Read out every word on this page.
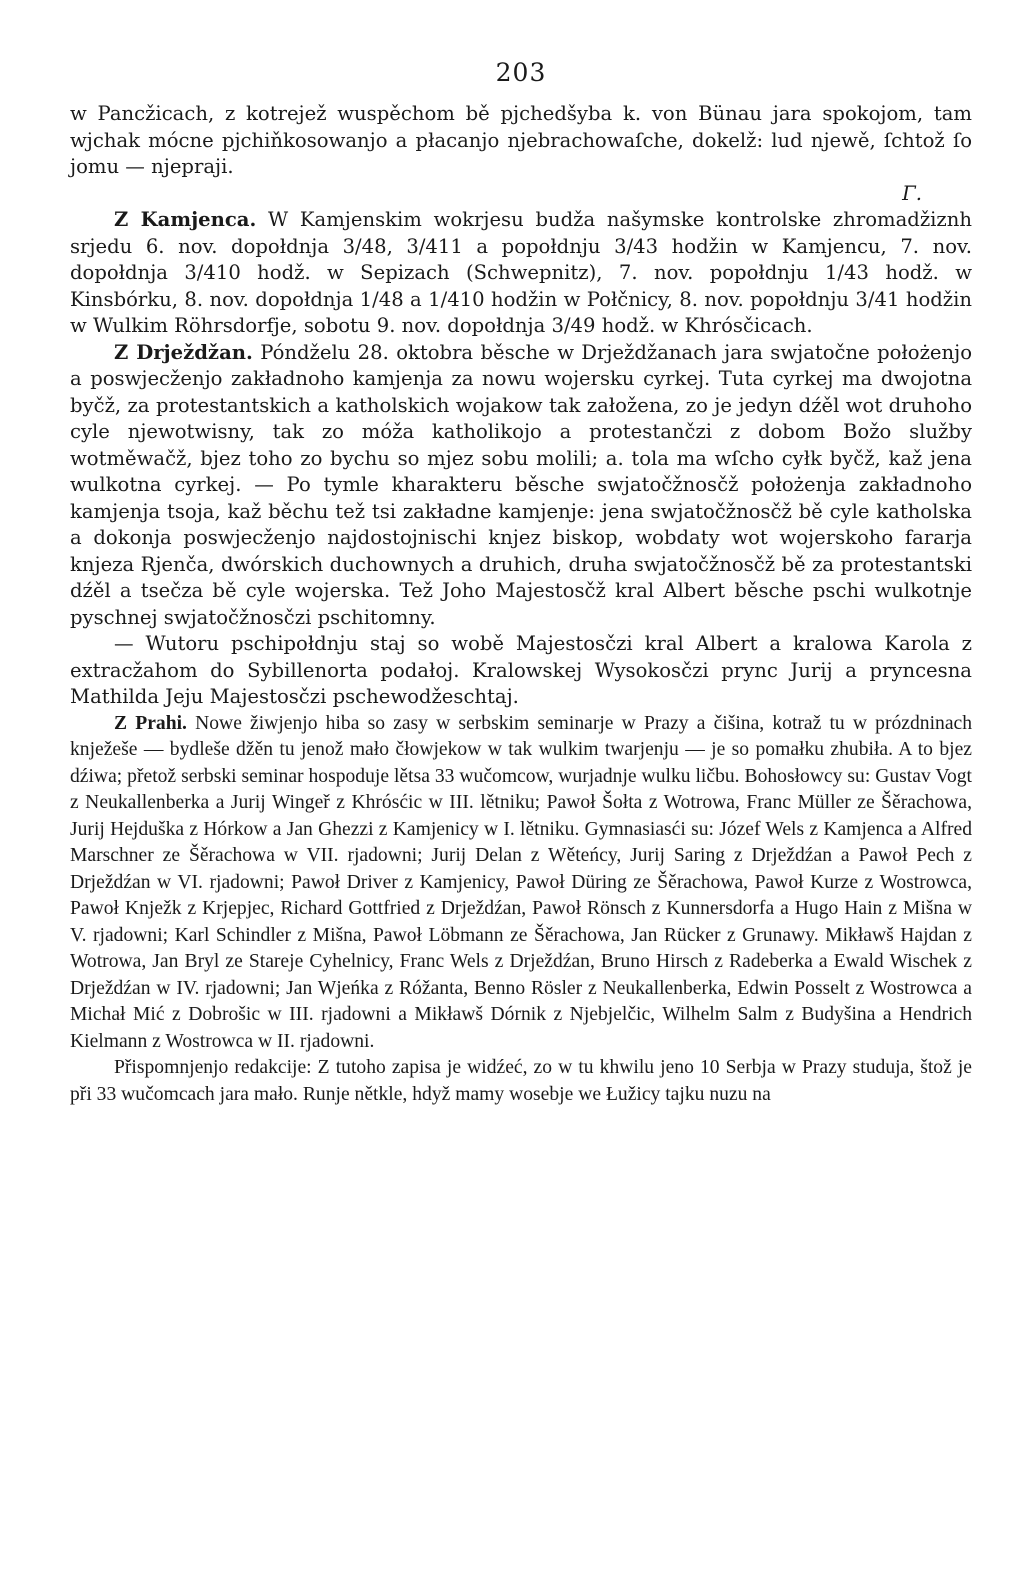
203

w Pancžicach, z kotrejež wuspěchom bě pjchedšyba k. von Bünau jara spokojom, tam wjchak mócne pjchiňkosowanjo a płacanjo njebrachowaſche, dokelž: lud njewě, ſchtož ſo jomu — njepraji.
Γ.

Z Kamjenca. W Kamjenskim wokrjesu budža našymske kontrolske zhromadžiznh srjedu 6. nov. dopołdnja 3/48, 3/411 a popołdnju 3/43 hodžin w Kamjencu, 7. nov. dopołdnja 3/410 hodž. w Sepizach (Schwepnitz), 7. nov. popołdnju 1/43 hodž. w Kinsbórku, 8. nov. dopołdnja 1/48 a 1/410 hodžin w Połčnicy, 8. nov. popołdnju 3/41 hodžin w Wulkim Röhrsdorfje, sobotu 9. nov. dopołdnja 3/49 hodž. w Khrósčicach.

Z Drježdžan. Póndželu 28. oktobra běsche w Drježdžanach jara swjatočne położenjo a poswjecženjo zakładnoho kamjenja za nowu wojersku cyrkej. Tuta cyrkej ma dwojotna byčž, za protestantskich a katholskich wojakow tak załožena, zo je jedyn dźěl wot druhoho cyle njewotwisny, tak zo móža katholikojo a protestančzi z dobom Božo služby wotměwačž, bjez toho zo bychu so mjez sobu molili; a. tola ma wſcho cyłk byčž, kaž jena wulkotna cyrkej. — Po tymle kharakteru běsche swjatočžnosčž położenja zakładnoho kamjenja tsoja, kaž běchu tež tsi zakładne kamjenje: jena swjatočžnosčž bě cyle katholska a dokonja poswjecženjo najdostojnischi knjez biskop, wobdaty wot wojerskoho fararja knjeza Rjenča, dwórskich duchownych a druhich, druha swjatočžnosčž bě za protestantski dźěl a tsečza bě cyle wojerska. Tež Joho Majestosčž kral Albert běsche pschi wulkotnje pyschnej swjatočžnosčzi pschitomny.

— Wutoru pschipołdnju staj so wobě Majestosčzi kral Albert a kralowa Karola z extracžahom do Sybillenorta podałoj. Kralowskej Wysokosčzi prync Jurij a pryncesna Mathilda Jeju Majestosčzi pschewodžeschtaj.

Z Prahi. Nowe žiwjenjo hiba so zasy w serbskim seminarje w Prazy a čišina, kotraž tu w prózdninach knježeše — bydleše džěn tu jenož mało čłowjekow w tak wulkim twarjenju — je so pomałku zhubiła. A to bjez dźiwa; přetož serbski seminar hospoduje lětsa 33 wučomcow, wurjadnje wulku ličbu. Bohosłowcy su: Gustav Vogt z Neukallenberka a Jurij Wingeř z Khrósćic w III. lětniku; Pawoł Šołta z Wotrowa, Franc Müller ze Šěrachowa, Jurij Hejduška z Hórkow a Jan Ghezzi z Kamjenicy w I. lětniku. Gymnasiasći su: Józef Wels z Kamjenca a Alfred Marschner ze Šěrachowa w VII. rjadowni; Jurij Delan z Wěteńcy, Jurij Saring z Drježdźan a Pawoł Pech z Drježdźan w VI. rjadowni; Pawoł Driver z Kamjenicy, Pawoł Düring ze Šěrachowa, Pawoł Kurze z Wostrowca, Pawoł Knježk z Krjepjec, Richard Gottfried z Drježdźan, Pawoł Rönsch z Kunnersdorfa a Hugo Hain z Mišna w V. rjadowni; Karl Schindler z Mišna, Pawoł Löbmann ze Šěrachowa, Jan Rücker z Grunawy. Mikławš Hajdan z Wotrowa, Jan Bryl ze Stareje Cyhelnicy, Franc Wels z Drježdźan, Bruno Hirsch z Radeberka a Ewald Wischek z Drježdźan w IV. rjadowni; Jan Wjeńka z Róžanta, Benno Rösler z Neukallenberka, Edwin Posselt z Wostrowca a Michał Mić z Dobrošic w III. rjadowni a Mikławš Dórnik z Njebjelčic, Wilhelm Salm z Budyšina a Hendrich Kielmann z Wostrowca w II. rjadowni.

Přispomnjenjo redakcije: Z tutoho zapisa je widźeć, zo w tu khwilu jeno 10 Serbja w Prazy studuja, štož je při 33 wučomcach jara mało. Runje nětkle, hdyž mamy wosebje we Łužicy tajku nuzu na
